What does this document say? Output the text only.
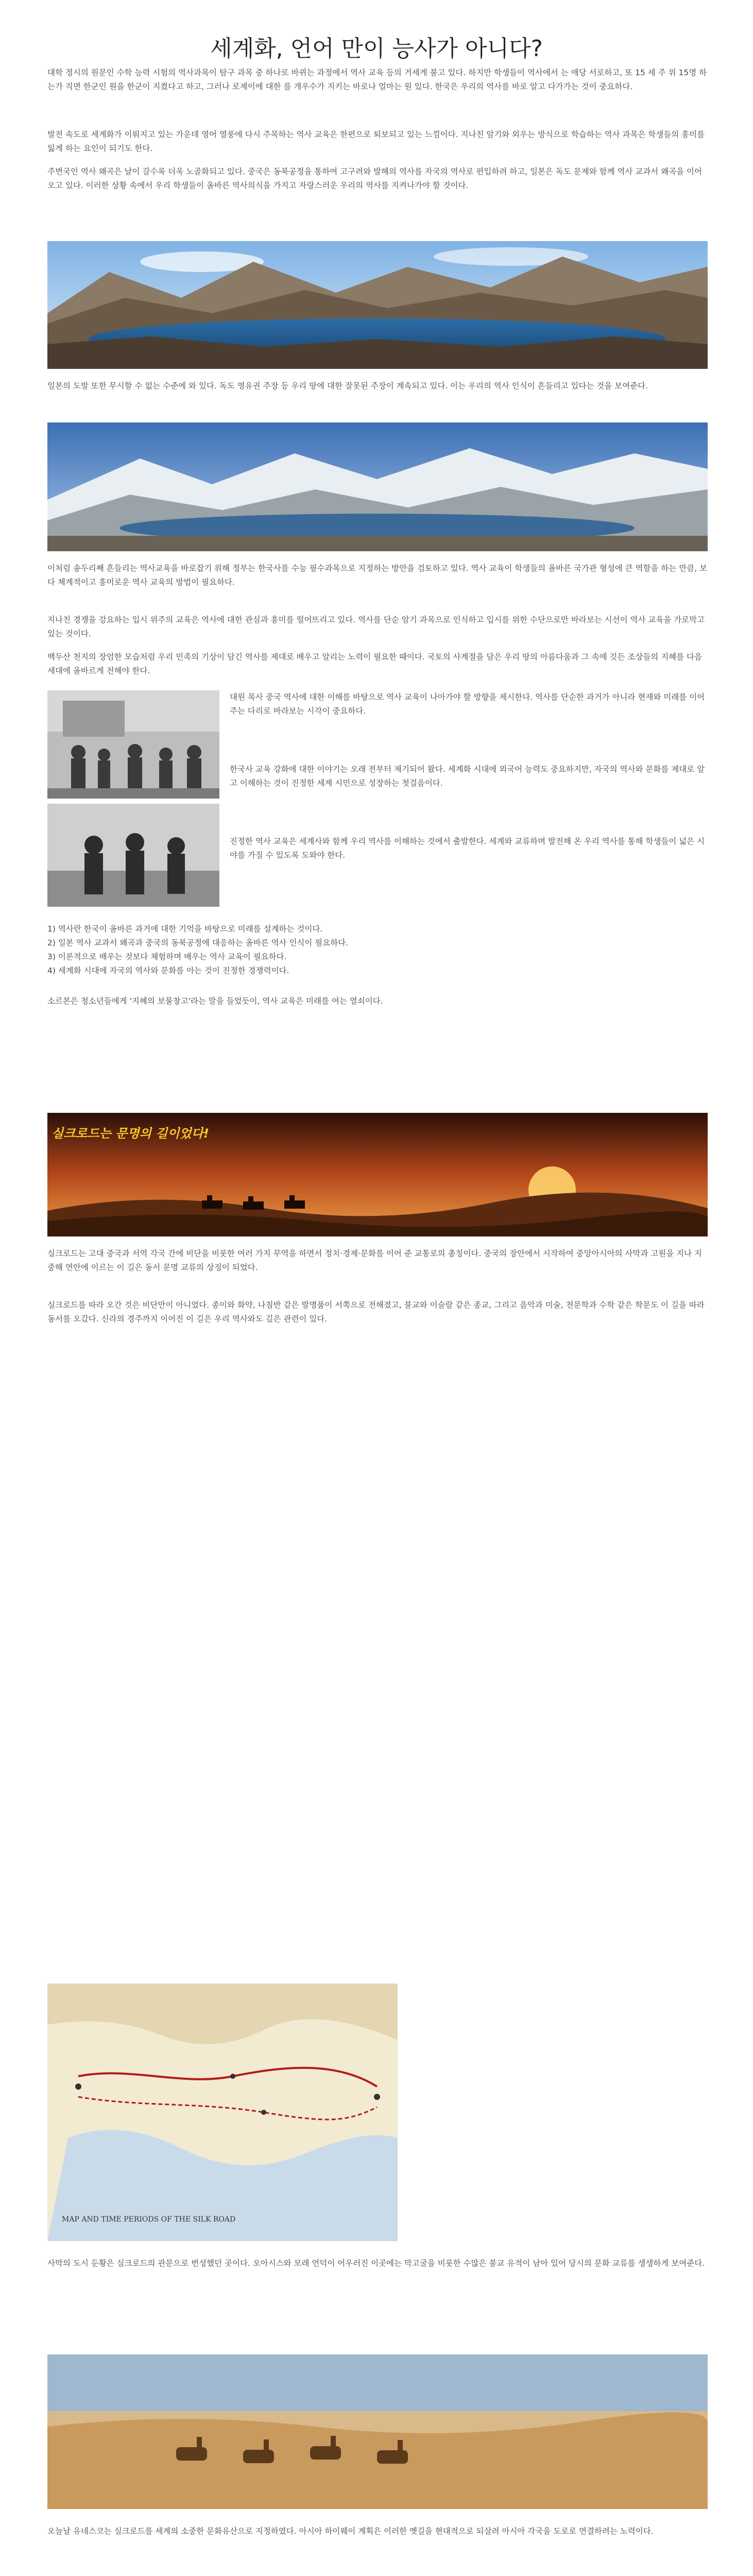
세계화, 언어 만이 능사가 아니다?

대학 정시의 원문인 수학 능력 시험의 역사과목이 탐구 과목 중 하나로 바뀌는 과정에서 역사 교육 등의 거세게 불고 있다. 하지만 학생들이 역사에서 는 애당 서로하고, 또 15 세 주 위 15명 하는가 직면 한군인 원을 한군이 지켰다고 하고, 그러나 로제이에 대한 를 개우수가 지키는 바로나 얼마는 원 있다. 한국은 우리의 역사를 바로 알고 다가가는 것이 중요하다.

발전 속도로 세계화가 이뤄지고 있는 가운데 영어 열풍에 다시 주목하는 역사 교육은 한편으로 퇴보되고 있는 느낌이다. 지나친 암기와 외우는 방식으로 학습하는 역사 과목은 학생들의 흥미를 잃게 하는 요인이 되기도 한다.

주변국인 역사 왜곡은 날이 갈수록 더욱 노골화되고 있다. 중국은 동북공정을 통하여 고구려와 발해의 역사를 자국의 역사로 편입하려 하고, 일본은 독도 문제와 함께 역사 교과서 왜곡을 이어오고 있다. 이러한 상황 속에서 우리 학생들이 올바른 역사의식을 가지고 자랑스러운 우리의 역사를 지켜나가야 할 것이다.

일본의 도발 또한 무시할 수 없는 수준에 와 있다. 독도 영유권 주장 등 우리 땅에 대한 잘못된 주장이 계속되고 있다. 이는 우리의 역사 인식이 흔들리고 있다는 것을 보여준다.

이처럼 송두리째 흔들리는 역사교육을 바로잡기 위해 정부는 한국사를 수능 필수과목으로 지정하는 방안을 검토하고 있다. 역사 교육이 학생들의 올바른 국가관 형성에 큰 역할을 하는 만큼, 보다 체계적이고 흥미로운 역사 교육의 방법이 필요하다.

지나친 경쟁을 강요하는 입시 위주의 교육은 역사에 대한 관심과 흥미를 떨어뜨리고 있다. 역사를 단순 암기 과목으로 인식하고 입시를 위한 수단으로만 바라보는 시선이 역사 교육을 가로막고 있는 것이다.

백두산 천지의 장엄한 모습처럼 우리 민족의 기상이 담긴 역사를 제대로 배우고 알리는 노력이 필요한 때이다. 국토의 사계절을 담은 우리 땅의 아름다움과 그 속에 깃든 조상들의 지혜를 다음 세대에 올바르게 전해야 한다.

대원 목사 중국 역사에 대한 이해를 바탕으로 역사 교육이 나아가야 할 방향을 제시한다. 역사를 단순한 과거가 아니라 현재와 미래를 이어주는 다리로 바라보는 시각이 중요하다.

한국사 교육 강화에 대한 이야기는 오래 전부터 제기되어 왔다. 세계화 시대에 외국어 능력도 중요하지만, 자국의 역사와 문화를 제대로 알고 이해하는 것이 진정한 세계 시민으로 성장하는 첫걸음이다.

진정한 역사 교육은 세계사와 함께 우리 역사를 이해하는 것에서 출발한다. 세계와 교류하며 발전해 온 우리 역사를 통해 학생들이 넓은 시야를 가질 수 있도록 도와야 한다.

1) 역사란 한국이 올바른 과거에 대한 기억을 바탕으로 미래를 설계하는 것이다.

2) 일본 역사 교과서 왜곡과 중국의 동북공정에 대응하는 올바른 역사 인식이 필요하다.

3) 이론적으로 배우는 것보다 체험하며 배우는 역사 교육이 필요하다.

4) 세계화 시대에 자국의 역사와 문화를 아는 것이 진정한 경쟁력이다.

소르본은 청소년들에게 '지혜의 보물창고'라는 말을 들었듯이, 역사 교육은 미래를 여는 열쇠이다.

실크로드는 문명의 길이었다!

실크로드는 고대 중국과 서역 각국 간에 비단을 비롯한 여러 가지 무역을 하면서 정치·경제·문화를 이어 준 교통로의 총칭이다. 중국의 장안에서 시작하여 중앙아시아의 사막과 고원을 지나 지중해 연안에 이르는 이 길은 동서 문명 교류의 상징이 되었다.

실크로드를 따라 오간 것은 비단만이 아니었다. 종이와 화약, 나침반 같은 발명품이 서쪽으로 전해졌고, 불교와 이슬람 같은 종교, 그리고 음악과 미술, 천문학과 수학 같은 학문도 이 길을 따라 동서를 오갔다. 신라의 경주까지 이어진 이 길은 우리 역사와도 깊은 관련이 있다.

MAP AND TIME PERIODS OF THE SILK ROAD

사막의 도시 둔황은 실크로드의 관문으로 번성했던 곳이다. 오아시스와 모래 언덕이 어우러진 이곳에는 막고굴을 비롯한 수많은 불교 유적이 남아 있어 당시의 문화 교류를 생생하게 보여준다.

오늘날 유네스코는 실크로드를 세계의 소중한 문화유산으로 지정하였다. 아시아 하이웨이 계획은 이러한 옛길을 현대적으로 되살려 아시아 각국을 도로로 연결하려는 노력이다.
